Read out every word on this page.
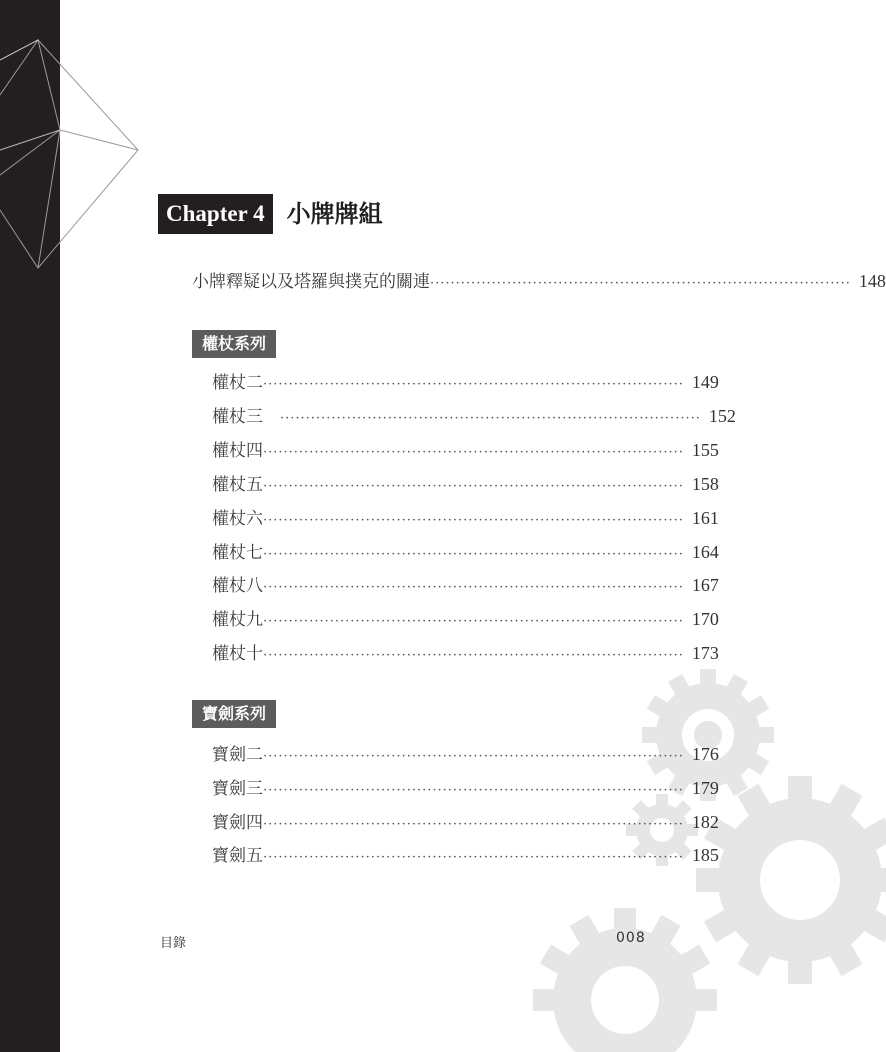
Chapter 4 小牌牌組
小牌釋疑以及塔羅與撲克的關連 ·················································································· 148
權杖系列
權杖二 ·················································································· 149
權杖三　 ·················································································· 152
權杖四 ·················································································· 155
權杖五 ·················································································· 158
權杖六 ·················································································· 161
權杖七 ·················································································· 164
權杖八 ·················································································· 167
權杖九 ·················································································· 170
權杖十 ·················································································· 173
寶劍系列
寶劍二 ·················································································· 176
寶劍三 ·················································································· 179
寶劍四 ·················································································· 182
寶劍五 ·················································································· 185
目錄	008
